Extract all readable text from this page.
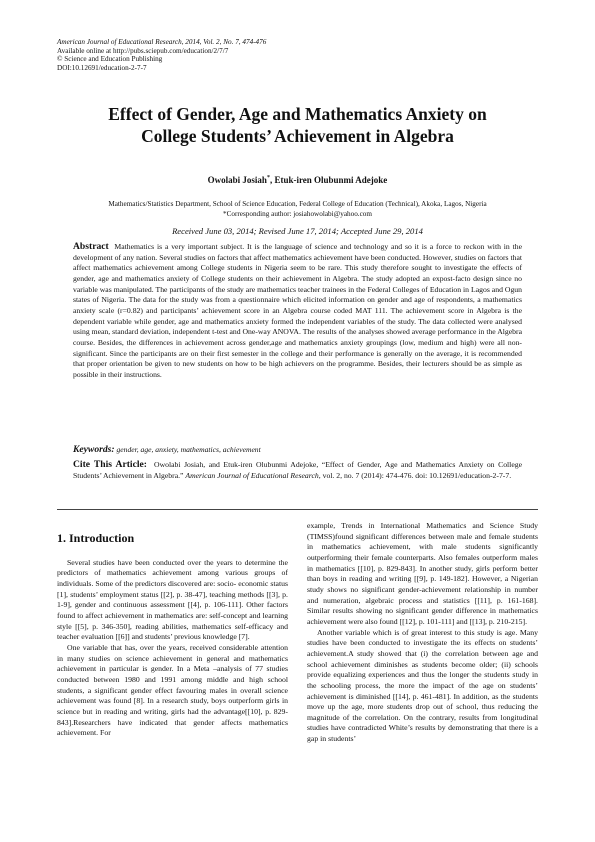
American Journal of Educational Research, 2014, Vol. 2, No. 7, 474-476
Available online at http://pubs.sciepub.com/education/2/7/7
© Science and Education Publishing
DOI:10.12691/education-2-7-7
Effect of Gender, Age and Mathematics Anxiety on
College Students’ Achievement in Algebra
Owolabi Josiah*, Etuk-iren Olubunmi Adejoke
Mathematics/Statistics Department, School of Science Education, Federal College of Education (Technical), Akoka, Lagos, Nigeria
*Corresponding author: josiahowolabi@yahoo.com
Received June 03, 2014; Revised June 17, 2014; Accepted June 29, 2014
Abstract Mathematics is a very important subject. It is the language of science and technology and so it is a force to reckon with in the development of any nation. Several studies on factors that affect mathematics achievement have been conducted. However, studies on factors that affect mathematics achievement among College students in Nigeria seem to be rare. This study therefore sought to investigate the effects of gender, age and mathematics anxiety of College students on their achievement in Algebra. The study adopted an expost-facto design since no variable was manipulated. The participants of the study are mathematics teacher trainees in the Federal Colleges of Education in Lagos and Ogun states of Nigeria. The data for the study was from a questionnaire which elicited information on gender and age of respondents, a mathematics anxiety scale (r=0.82) and participants’ achievement score in an Algebra course coded MAT 111. The achievement score in Algebra is the dependent variable while gender, age and mathematics anxiety formed the independent variables of the study. The data collected were analysed using mean, standard deviation, independent t-test and One-way ANOVA. The results of the analyses showed average performance in the Algebra course. Besides, the differences in achievement across gender,age and mathematics anxiety groupings (low, medium and high) were all non-significant. Since the participants are on their first semester in the college and their performance is generally on the average, it is recommended that proper orientation be given to new students on how to be high achievers on the programme. Besides, their lecturers should be as simple as possible in their instructions.
Keywords: gender, age, anxiety, mathematics, achievement
Cite This Article: Owolabi Josiah, and Etuk-iren Olubunmi Adejoke, “Effect of Gender, Age and Mathematics Anxiety on College Students’ Achievement in Algebra.” American Journal of Educational Research, vol. 2, no. 7 (2014): 474-476. doi: 10.12691/education-2-7-7.
1. Introduction

Several studies have been conducted over the years to determine the predictors of mathematics achievement among various groups of individuals. Some of the predictors discovered are: socio- economic status [1], students’ employment status [[2], p. 38-47], teaching methods [[3], p. 1-9], gender and continuous assessment [[4], p. 106-111]. Other factors found to affect achievement in mathematics are: self-concept and learning style [[5], p. 346-350], reading abilities, mathematics self-efficacy and teacher evaluation [[6]] and students’ previous knowledge [7].

One variable that has, over the years, received considerable attention in many studies on science achievement in general and mathematics achievement in particular is gender. In a Meta –analysis of 77 studies conducted between 1980 and 1991 among middle and high school students, a significant gender effect favouring males in overall science achievement was found [8]. In a research study, boys outperform girls in science but in reading and writing, girls had the advantage[[10], p. 829-843].Researchers have indicated that gender affects mathematics achievement. For

example, Trends in International Mathematics and Science Study (TIMSS)found significant differences between male and female students in mathematics achievement, with male students significantly outperforming their female counterparts. Also females outperform males in mathematics [[10], p. 829-843]. In another study, girls perform better than boys in reading and writing [[9], p. 149-182]. However, a Nigerian study shows no significant gender-achievement relationship in number and numeration, algebraic process and statistics [[11], p. 161-168]. Similar results showing no significant gender difference in mathematics achievement were also found [[12], p. 101-111] and [[13], p. 210-215].

Another variable which is of great interest to this study is age. Many studies have been conducted to investigate the its effects on students’ achievement.A study showed that (i) the correlation between age and school achievement diminishes as students become older; (ii) schools provide equalizing experiences and thus the longer the students study in the schooling process, the more the impact of the age on students’ achievement is diminished [[14], p. 461-481]. In addition, as the students move up the age, more students drop out of school, thus reducing the magnitude of the correlation. On the contrary, results from longitudinal studies have contradicted White’s results by demonstrating that there is a gap in students’
